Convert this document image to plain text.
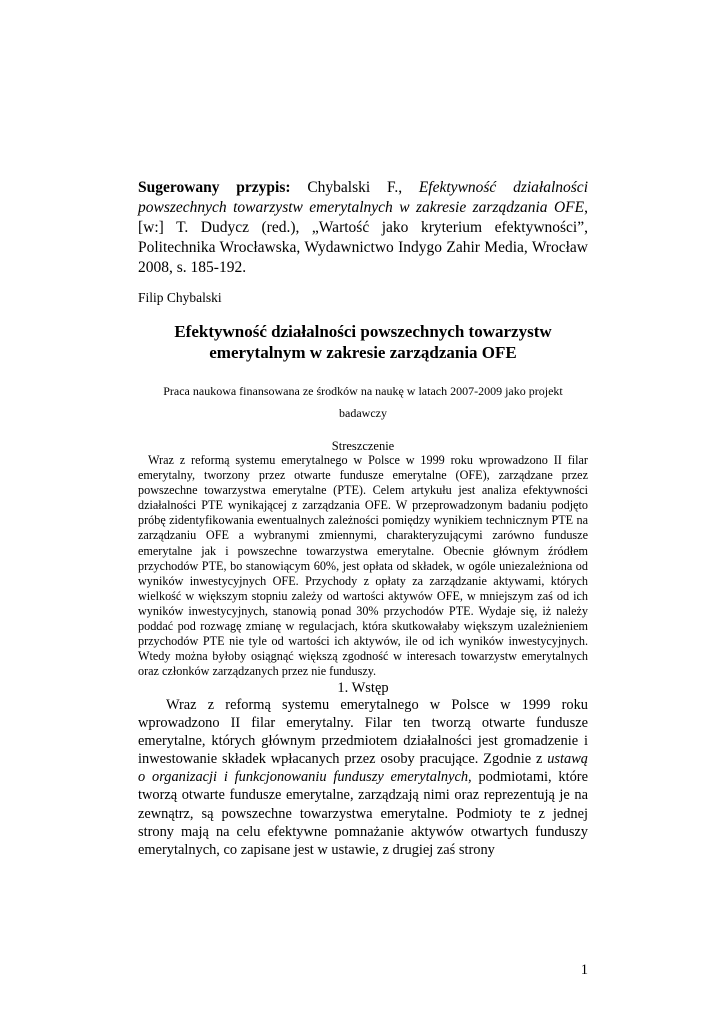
Sugerowany przypis: Chybalski F., Efektywność działalności powszechnych towarzystw emerytalnych w zakresie zarządzania OFE, [w:] T. Dudycz (red.), „Wartość jako kryterium efektywności”, Politechnika Wrocławska, Wydawnictwo Indygo Zahir Media, Wrocław 2008, s. 185-192.
Filip Chybalski
Efektywność działalności powszechnych towarzystw emerytalnym w zakresie zarządzania OFE
Praca naukowa finansowana ze środków na naukę w latach 2007-2009 jako projekt badawczy
Streszczenie
Wraz z reformą systemu emerytalnego w Polsce w 1999 roku wprowadzono II filar emerytalny, tworzony przez otwarte fundusze emerytalne (OFE), zarządzane przez powszechne towarzystwa emerytalne (PTE). Celem artykułu jest analiza efektywności działalności PTE wynikającej z zarządzania OFE. W przeprowadzonym badaniu podjęto próbę zidentyfikowania ewentualnych zależności pomiędzy wynikiem technicznym PTE na zarządzaniu OFE a wybranymi zmiennymi, charakteryzującymi zarówno fundusze emerytalne jak i powszechne towarzystwa emerytalne. Obecnie głównym źródłem przychodów PTE, bo stanowiącym 60%, jest opłata od składek, w ogóle uniezależniona od wyników inwestycyjnych OFE. Przychody z opłaty za zarządzanie aktywami, których wielkość w większym stopniu zależy od wartości aktywów OFE, w mniejszym zaś od ich wyników inwestycyjnych, stanowią ponad 30% przychodów PTE. Wydaje się, iż należy poddać pod rozwagę zmianę w regulacjach, która skutkowałaby większym uzależnieniem przychodów PTE nie tyle od wartości ich aktywów, ile od ich wyników inwestycyjnych. Wtedy można byłoby osiągnąć większą zgodność w interesach towarzystw emerytalnych oraz członków zarządzanych przez nie funduszy.
1. Wstęp
Wraz z reformą systemu emerytalnego w Polsce w 1999 roku wprowadzono II filar emerytalny. Filar ten tworzą otwarte fundusze emerytalne, których głównym przedmiotem działalności jest gromadzenie i inwestowanie składek wpłacanych przez osoby pracujące. Zgodnie z ustawą o organizacji i funkcjonowaniu funduszy emerytalnych, podmiotami, które tworzą otwarte fundusze emerytalne, zarządzają nimi oraz reprezentują je na zewnątrz, są powszechne towarzystwa emerytalne. Podmioty te z jednej strony mają na celu efektywne pomnażanie aktywów otwartych funduszy emerytalnych, co zapisane jest w ustawie, z drugiej zaś strony
1
